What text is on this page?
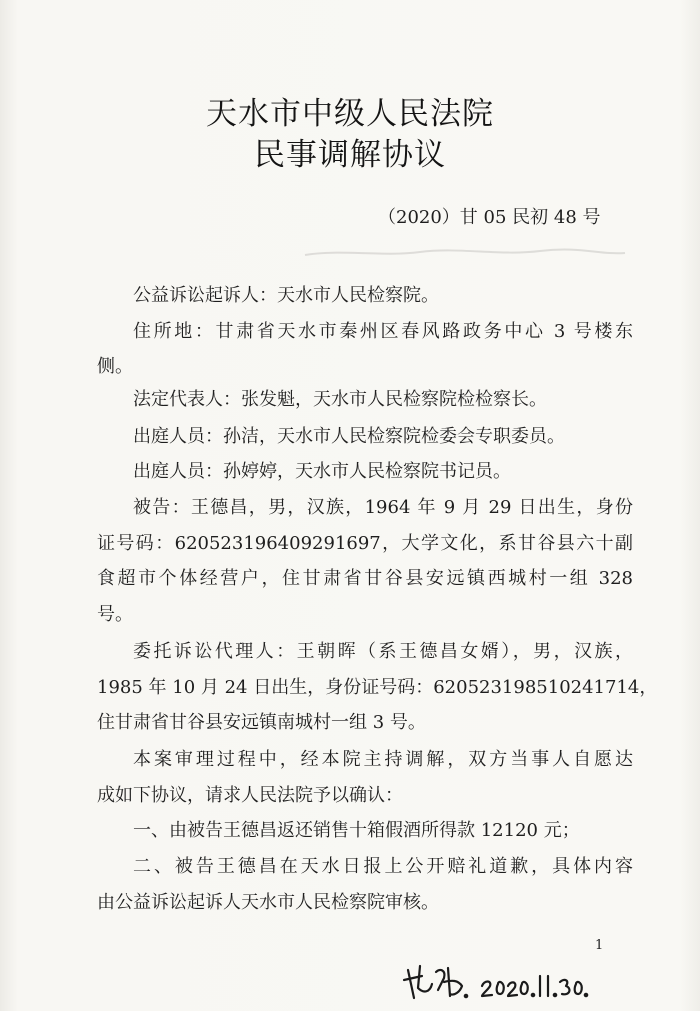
天水市中级人民法院
民事调解协议
（2020）甘 05 民初 48 号
公益诉讼起诉人：天水市人民检察院。
住所地：甘肃省天水市秦州区春风路政务中心 3 号楼东
侧。
法定代表人：张发魁，天水市人民检察院检检察长。
出庭人员：孙洁，天水市人民检察院检委会专职委员。
出庭人员：孙婷婷，天水市人民检察院书记员。
被告：王德昌，男，汉族，1964 年 9 月 29 日出生，身份
证号码：620523196409291697，大学文化，系甘谷县六十副
食超市个体经营户，住甘肃省甘谷县安远镇西城村一组 328
号。
委托诉讼代理人：王朝晖（系王德昌女婿），男，汉族，
1985 年 10 月 24 日出生，身份证号码：620523198510241714，
住甘肃省甘谷县安远镇南城村一组 3 号。
本案审理过程中，经本院主持调解，双方当事人自愿达
成如下协议，请求人民法院予以确认：
一、由被告王德昌返还销售十箱假酒所得款 12120 元；
二、被告王德昌在天水日报上公开赔礼道歉，具体内容
由公益诉讼起诉人天水市人民检察院审核。
1
